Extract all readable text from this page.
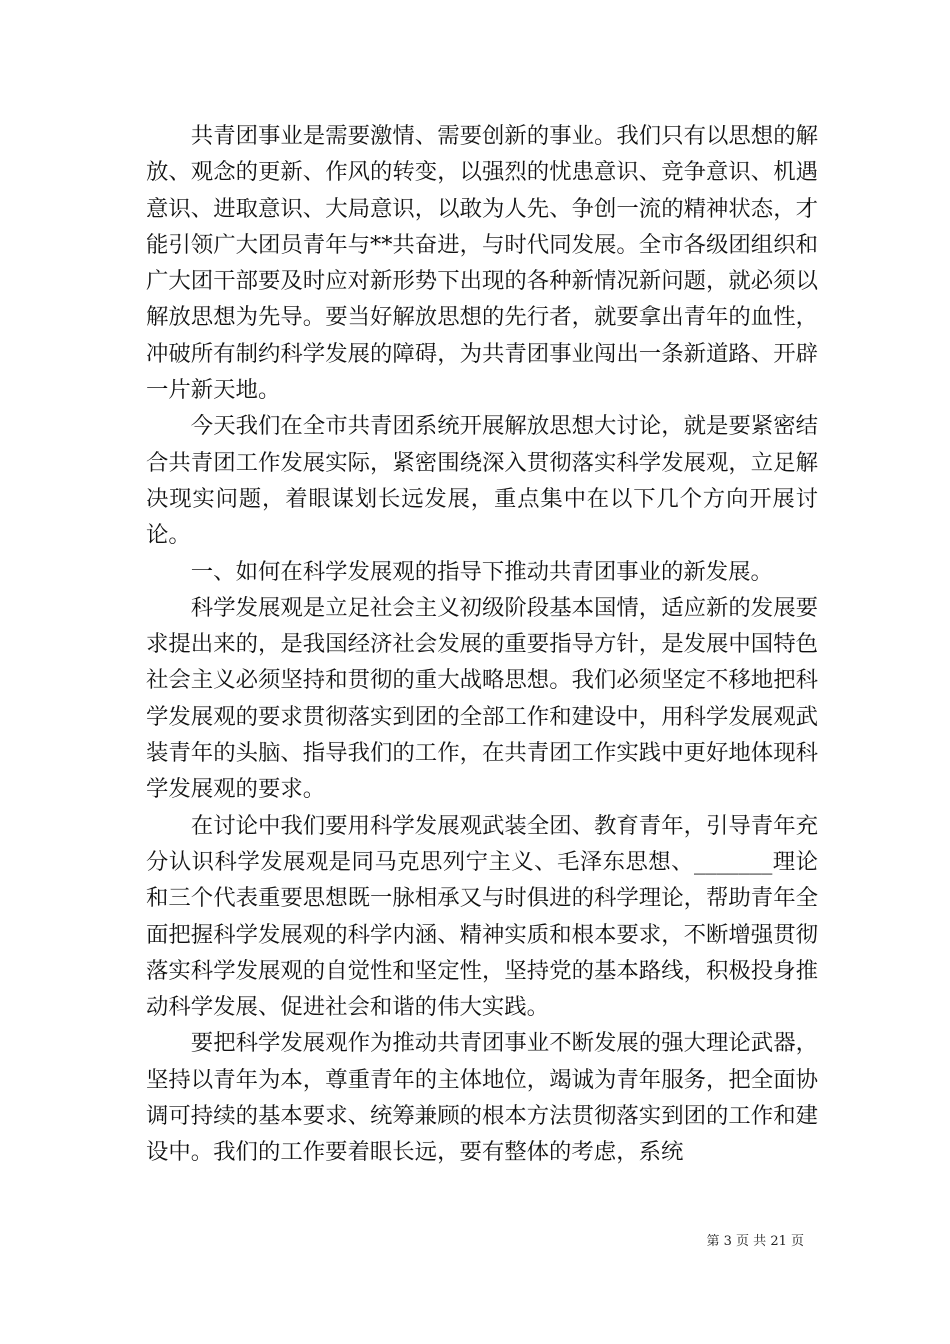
共青团事业是需要激情、需要创新的事业。我们只有以思想的解放、观念的更新、作风的转变，以强烈的忧患意识、竞争意识、机遇意识、进取意识、大局意识，以敢为人先、争创一流的精神状态，才能引领广大团员青年与**共奋进，与时代同发展。全市各级团组织和广大团干部要及时应对新形势下出现的各种新情况新问题，就必须以解放思想为先导。要当好解放思想的先行者，就要拿出青年的血性，冲破所有制约科学发展的障碍，为共青团事业闯出一条新道路、开辟一片新天地。

今天我们在全市共青团系统开展解放思想大讨论，就是要紧密结合共青团工作发展实际，紧密围绕深入贯彻落实科学发展观，立足解决现实问题，着眼谋划长远发展，重点集中在以下几个方向开展讨论。

一、如何在科学发展观的指导下推动共青团事业的新发展。

科学发展观是立足社会主义初级阶段基本国情，适应新的发展要求提出来的，是我国经济社会发展的重要指导方针，是发展中国特色社会主义必须坚持和贯彻的重大战略思想。我们必须坚定不移地把科学发展观的要求贯彻落实到团的全部工作和建设中，用科学发展观武装青年的头脑、指导我们的工作，在共青团工作实践中更好地体现科学发展观的要求。

在讨论中我们要用科学发展观武装全团、教育青年，引导青年充分认识科学发展观是同马克思列宁主义、毛泽东思想、_______理论和三个代表重要思想既一脉相承又与时俱进的科学理论，帮助青年全面把握科学发展观的科学内涵、精神实质和根本要求，不断增强贯彻落实科学发展观的自觉性和坚定性，坚持党的基本路线，积极投身推动科学发展、促进社会和谐的伟大实践。

要把科学发展观作为推动共青团事业不断发展的强大理论武器，坚持以青年为本，尊重青年的主体地位，竭诚为青年服务，把全面协调可持续的基本要求、统筹兼顾的根本方法贯彻落实到团的工作和建设中。我们的工作要着眼长远，要有整体的考虑，系统

第 3 页 共 21 页
